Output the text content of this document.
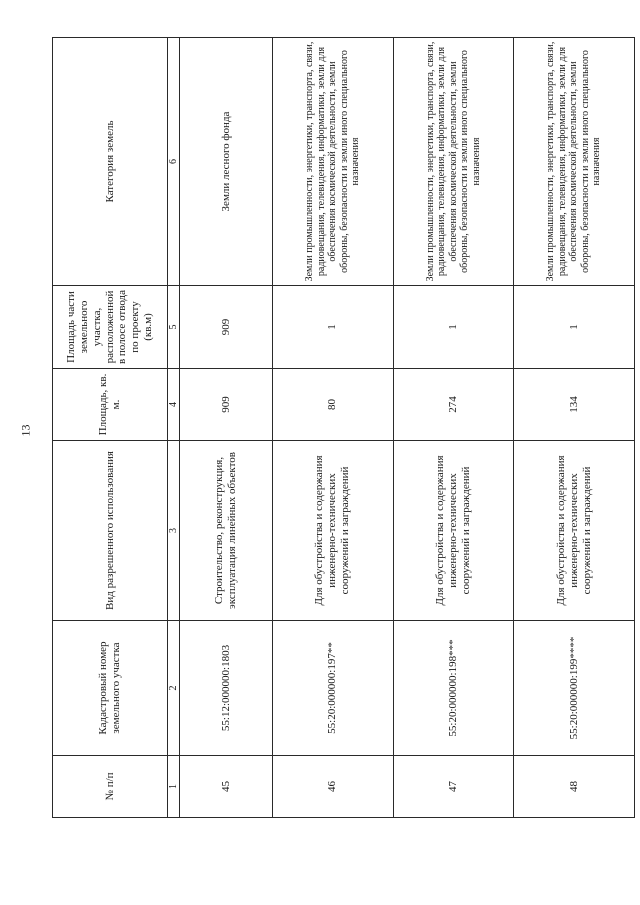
13
№ п/п	Кадастровый номер земельного участка	Вид разрешенного использования	Площадь, кв. м.	Площадь части земельного участка, расположенной в полосе отвода по проекту (кв.м)	Категория земель
1	2	3	4	5	6
45	55:12:000000:1803	Строительство, реконструкция, эксплуатация линейных объектов	909	909	Земли лесного фонда
46	55:20:000000:197**	Для обустройства и содержания инженерно-технических сооружений и заграждений	80	1	Земли промышленности, энергетики, транспорта, связи, радиовещания, телевидения, информатики, земли для обеспечения космической деятельности, земли обороны, безопасности и земли иного специального назначения
47	55:20:000000:198***	Для обустройства и содержания инженерно-технических сооружений и заграждений	274	1	Земли промышленности, энергетики, транспорта, связи, радиовещания, телевидения, информатики, земли для обеспечения космической деятельности, земли обороны, безопасности и земли иного специального назначения
48	55:20:000000:199****	Для обустройства и содержания инженерно-технических сооружений и заграждений	134	1	Земли промышленности, энергетики, транспорта, связи, радиовещания, телевидения, информатики, земли для обеспечения космической деятельности, земли обороны, безопасности и земли иного специального назначения
